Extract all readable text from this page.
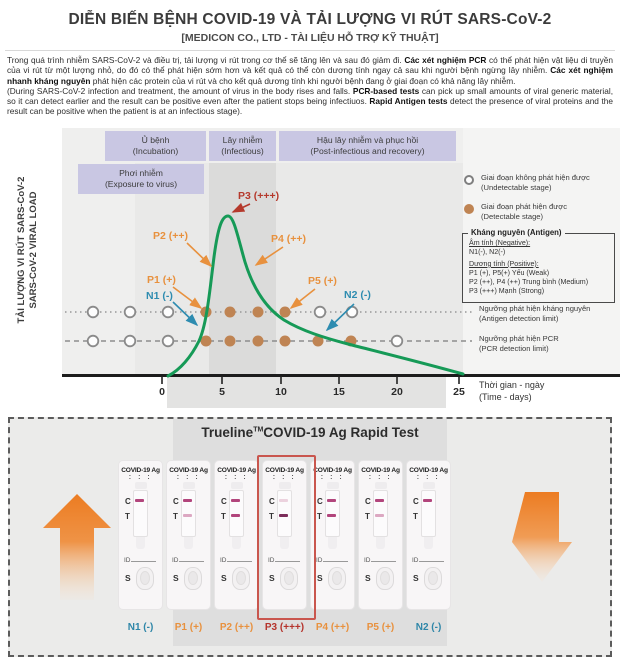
DIỄN BIẾN BỆNH COVID-19 VÀ TẢI LƯỢNG VI RÚT SARS-CoV-2
[MEDICON CO., LTD - TÀI LIỆU HỖ TRỢ KỸ THUẬT]

Trong quá trình nhiễm SARS-CoV-2 và điều trị, tải lượng vi rút trong cơ thể sẽ tăng lên và sau đó giảm đi. Các xét nghiệm PCR có thể phát hiện vật liệu di truyền của vi rút từ một lượng nhỏ, do đó có thể phát hiện sớm hơn và kết quả có thể còn dương tính ngay cả sau khi người bệnh ngừng lây nhiễm. Các xét nghiệm nhanh kháng nguyên phát hiện các protein của vi rút và cho kết quả dương tính khi người bệnh đang ở giai đoạn có khả năng lây nhiễm.

(During SARS-CoV-2 infection and treatment, the amount of virus in the body rises and falls. PCR-based tests can pick up small amounts of viral generic material, so it can detect earlier and the result can be positive even after the patient stops being infectiuos. Rapid Antigen tests detect the presence of viral proteins and the result can be positive when the patient is at an infectious stage).

Ủ bệnh
(Incubation)
Lây nhiễm
(Infectious)
Hậu lây nhiễm và phục hồi
(Post-infectious and recovery)
Phơi nhiễm
(Exposure to virus)
TẢI LƯỢNG VI RÚT SARS-CoV-2 SARS-CoV-2 VIRAL LOAD
0	5	10	15	20	25
Thời gian - ngày
(Time - days)
N1 (-)
P1 (+)
P2 (++)
P3 (+++)
P4 (++)
P5 (+)
N2 (-)
Giai đoạn không phát hiện được
(Undetectable stage)
Giai đoạn phát hiện được
(Detectable stage)
Kháng nguyên (Antigen)
Âm tính (Negative):
N1(-), N2(-)
Dương tính (Positive):
P1 (+), P5(+) Yếu (Weak)
P2 (++), P4 (++) Trung bình (Medium)
P3 (+++) Mạnh (Strong)
Ngưỡng phát hiện kháng nguyên
(Antigen detection limit)
Ngưỡng phát hiện PCR
(PCR detection limit)
Trueline™COVID-19 Ag Rapid Test
COVID-19 Ag
: : :
C
T
ID
S
COVID-19 Ag
: : :
C
T
ID
S
COVID-19 Ag
: : :
C
T
ID
S
COVID-19 Ag
: : :
C
T
ID
S
COVID-19 Ag
: : :
C
T
ID
S
COVID-19 Ag
: : :
C
T
ID
S
COVID-19 Ag
: : :
C
T
ID
S
N1 (-)	P1 (+)	P2 (++)	P3 (+++)	P4 (++)	P5 (+)	N2 (-)
